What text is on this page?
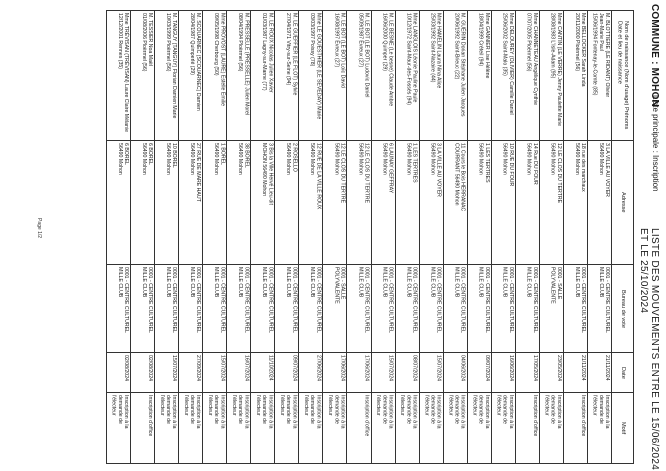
COMMUNE : MOHON
Liste principale : Inscription
LISTE DES MOUVEMENTS ENTRE LE 15/06/2024 ET LE 25/10/2024
Page 1/2
Nom de naissance (Nom d'usage) Prénoms
Date et lieu de naissance
Adresse
Bureau de vote
Date
Motif
M. BLOTTIERE (LE RIDANT) Olivier
Jean-Marie Paul
15/06/1994 Fontenay-le-Comte (85)
3 LA VILLE AU VOYER
56490 Mohon
0001 - CENTRE CULTUREL
MILLE CLUB
21/11/2024
Inscription à la
demande de
l'électeur
Mme BELLOCKER Sarah Linda
20/11/2000 Ploërmel (56)
18 rue des marchaux
56490 Mohon
0001 - CENTRE CULTUREL
MILLE CLUB
21/11/2024
Inscription d'office
Mme CANTIN (LE VERRE) Jenny Paulette Marie
28/08/1983 L'Isle-Adam (95)
12 LE CLOS DU TERTRE
56490 Mohon
0001 - SALLE
POLYVALENTE
23/05/2024
Inscription à la
demande de
l'électeur
Mme CHANNETEAU Angélique Cynthie
07/07/2005 Ploërmel (56)
14 Rue DU FOUR
56490 Mohon
0001 - CENTRE CULTUREL
MILLE CLUB
17/05/2024
Inscription d'office
Mme DELOUREY (OLIVIER) Camille Daniel
25/06/2002 Saint-Malo (35)
10 RUE DU FOUR
56490 Mohon
0001 - CENTRE CULTUREL
MILLE CLUB
16/06/2024
Inscription à la
demande de
l'électeur
Mme GANNIER Lise Hélène
18/04/1999 Créteil (94)
1 LES TERTRES
56490 Mohon
0001 - CENTRE CULTUREL
MILLE CLUB
09/07/2024
Inscription à la
demande de
l'électeur
M. GUÉRIN Dorian Stéphane Julien Jacques
20/06/1992 Saint-Brieuc (22)
11 Cours le Bois HERRANAC
COURRANT 56490 Mohon
0001 - CENTRE CULTUREL
MILLE CLUB
04/06/2024
Inscription à la
demande de
l'électeur
Mme HAMELIN Laura Nina Alice
25/03/1992 Saint-Nazaire (44)
3 LA VILLE AU VOYER
56490 Mohon
0001 - CENTRE CULTUREL
MILLE CLUB
15/07/2024
Inscription à la
demande de
l'électeur
Mme LANGLOIS Léonie Pauline Paule
10/12/1972 Saint-Maur-des-Fossés (94)
1 LES TERTRES
56490 Mohon
0001 - CENTRE CULTUREL
MILLE CLUB
08/07/2024
Inscription à la
demande de
l'électeur
M. LE BESNE (Le besne) Claude Ambre
16/06/2000 Quimper (29)
6 LAUNAY GEFFRAY
56490 Mohon
0001 - CENTRE CULTUREL
MILLE CLUB
15/07/2024
Inscription à la
demande de
l'électeur
M. LE BOT (LE BOT) Ludovic Daniel
05/09/1987 Évreux (27)
12 LE CLOS DU TERTRE
56490 Mohon
0001 - CENTRE CULTUREL
MILLE CLUB
17/06/2024
Inscription d'office
M. LE BOT (LE BOT) Loïc David
16/08/1997 Évreux (27)
12 LE CLOS DU TERTRE
56490 Mohon
0001 - SALLE
POLYVALENTE
17/06/2024
Inscription à la
demande de
l'électeur
Mme LE GOUESTHIER (LE SEVEDAY) Marie
03/03/1997 Poissy (78)
12 RUE DE LA VILLE ROUX
56490 Mohon
0001 - CENTRE CULTUREL
MILLE CLUB
27/06/2024
Inscription à la
demande de
l'électeur
M. LE GUEFFIER (LE FLOT) Sylvie
27/04/1971 Vitry-sur-Seine (94)
2 ROSELLO
56490 Mohon
0001 - CENTRE CULTUREL
MILLE CLUB
09/07/2024
Inscription à la
demande de
l'électeur
M. LE ROUX Nicolas Julien Xavier
01/03/1987 Lagny-sur-Marne (77)
3 Bis la Ville Hervé Lieu-dit
MOHON 56490 Mohon
0001 - CENTRE CULTUREL
MILLE CLUB
11/10/2024
Inscription à la
demande de
l'électeur
M. PRESSELLE (PRESSELLE) Julien Morel
08/04/1994 Ploërmel (56)
38 BOREL
56490 Mohon
0001 - CENTRE CULTUREL
MILLE CLUB
16/07/2024
Inscription à la
demande de
l'électeur
Mme PROVOST (LAURE) Estelle Emilie
09/05/1998 Cherbourg (50)
1 BOREL
56490 Mohon
0001 - CENTRE CULTUREL
MILLE CLUB
15/07/2024
Inscription à la
demande de
l'électeur
M. SCOUARNEC (SCOUARNEC) Damien
28/04/1987 Quimperlé (29)
27 RUE DE MARE HAUT
56490 Mohon
0001 - CENTRE CULTUREL
MILLE CLUB
27/09/2024
Inscription à la
demande de
l'électeur
M. TANGUY (TANGUY) Florian Damien Marie
10/03/1999 Ploërmel (56)
10 BOREL
56490 Mohon
0001 - CENTRE CULTUREL
MILLE CLUB
15/07/2024
Inscription à la
demande de
l'électeur
M. TESSIER Noa Maël
01/08/2006 Ploërmel (56)
6 BOREL
56490 Mohon
0001 - CENTRE CULTUREL
MILLE CLUB
02/08/2024
Inscription d'office
Mme TRÉVISAN (TRÉVISAN) Laure Claire Mélanie
12/12/2001 Rennes (35)
6 BOREL
56490 Mohon
0001 - CENTRE CULTUREL
MILLE CLUB
02/08/2024
Inscription à la
demande de
l'électeur
